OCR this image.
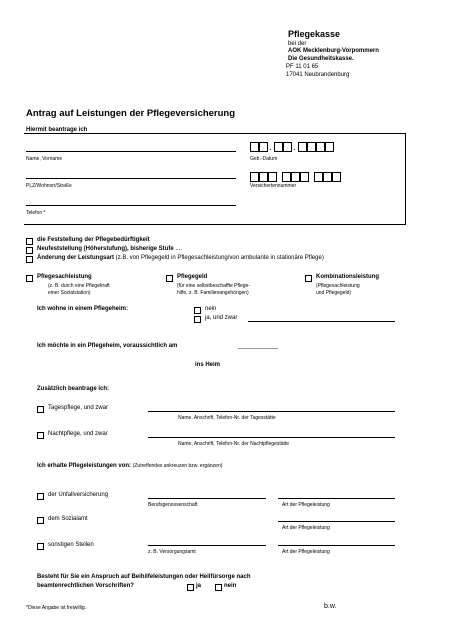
Pflegekasse
bei der
AOK Mecklenburg-Vorpommern
Die Gesundheitskasse.
PF 11 01 65
17041 Neubrandenburg
Antrag auf Leistungen der Pflegeversicherung
Hiermit beantrage ich
Name, Vorname
. .
Geb.-Datum
PLZ/Wohnort/Straße	Versichertennummer
Telefon *
die Feststellung der Pflegebedürftigkeit
Neufeststellung (Höherstufung), bisherige Stufe ....
Änderung der Leistungsart (z.B. von Pflegegeld in Pflegesachleistung/von ambulante in stationäre Pflege)
Pflegesachleistung
(z. B. durch eine Pflegekraft
einer Sozialstation)
Pflegegeld
(für eine selbstbeschaffte Pflege-
hilfe, z. B. Familienangehörigen)
Kombinationsleistung
(Pflegesachleistung
und Pflegegeld)
Ich wohne in einem Pflegeheim:	nein
ja, und zwar
Ich möchte in ein Pflegeheim, voraussichtlich am	____________
ins Heim
Zusätzlich beantrage ich:
Tagespflege, und zwar
Name, Anschrift, Telefon-Nr. der Tagesstätte
Nachtpflege, und zwar
Name, Anschrift, Telefon-Nr. der Nachtpflegestätte
Ich erhalte Pflegeleistungen von: (Zutreffendes ankreuzen bzw. ergänzen)
der Unfallversicherung
Berufsgenossenschaft	Art der Pflegeleistung
dem Sozialamt
Art der Pflegeleistung
sonstigen Stellen
z. B. Versorgungsamt	Art der Pflegeleistung
Besteht für Sie ein Anspruch auf Beihilfeleistungen oder Heilfürsorge nach
beamtenrechtlichen Vorschriften?	ja	nein
*Diese Angabe ist freiwillig.	b.w.
